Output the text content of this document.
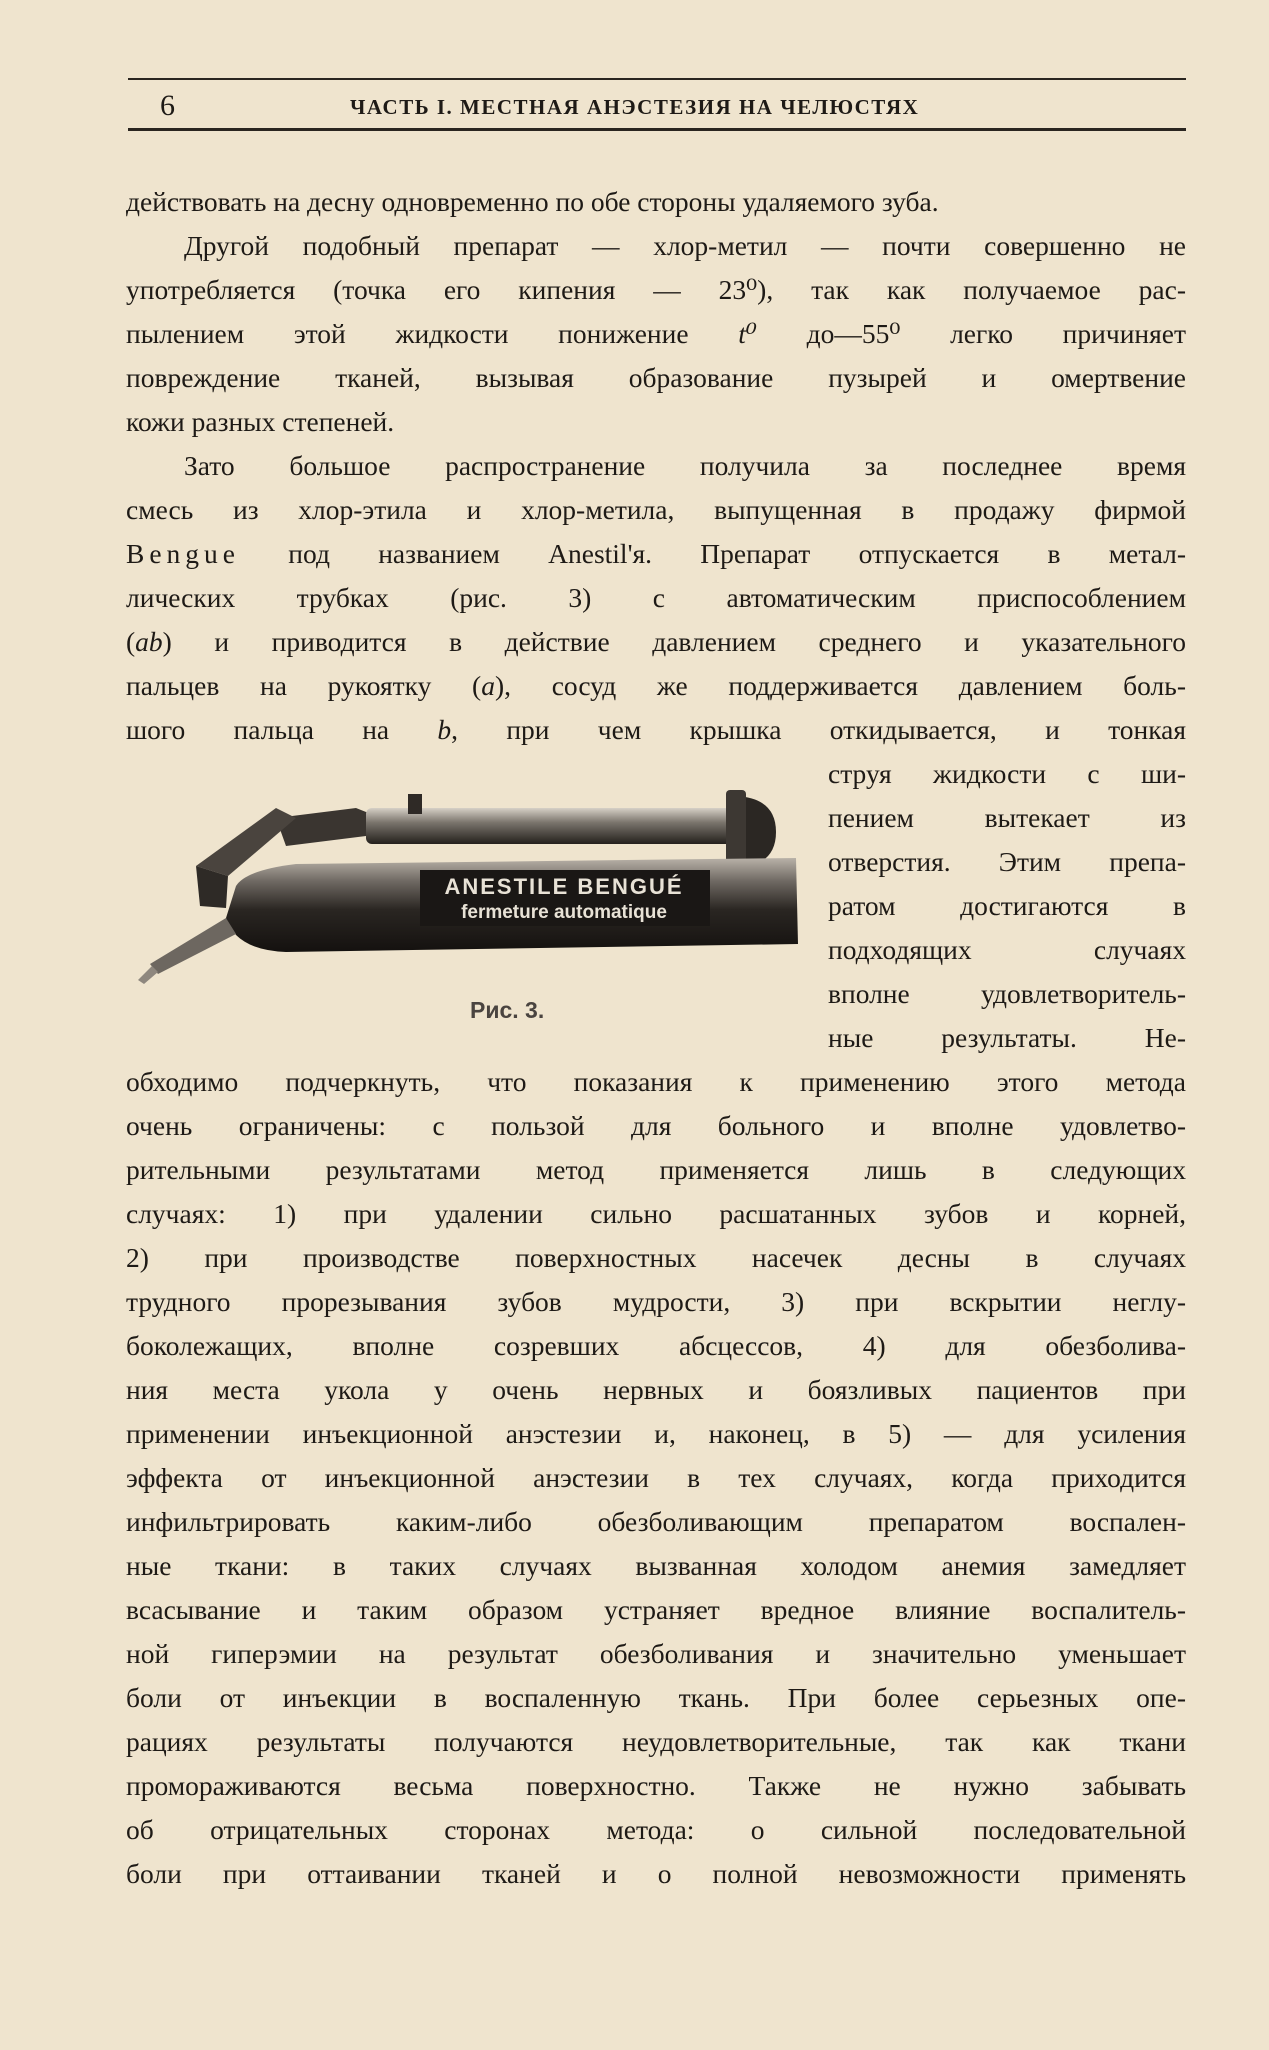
6	ЧАСТЬ I. МЕСТНАЯ АНЭСТЕЗИЯ НА ЧЕЛЮСТЯХ
действовать на десну одновременно по обе стороны удаляемого зуба.
Другой подобный препарат — хлор-метил — почти совершенно не
употребляется (точка его кипения — 23⁰), так как получаемое рас-
пылением этой жидкости понижение t⁰ до—55⁰ легко причиняет
повреждение тканей, вызывая образование пузырей и омертвение
кожи разных степеней.
Зато большое распространение получила за последнее время
смесь из хлор-этила и хлор-метила, выпущенная в продажу фирмой
Bengue под названием Anestil'я. Препарат отпускается в метал-
лических трубках (рис. 3) с автоматическим приспособлением
(ab) и приводится в действие давлением среднего и указательного
пальцев на рукоятку (a), сосуд же поддерживается давлением боль-
шого пальца на b, при чем крышка откидывается, и тонкая
струя жидкости с ши-
пением вытекает из
отверстия. Этим препа-
ратом достигаются в
подходящих случаях
вполне удовлетворитель-
ные результаты. Не-
ANESTILE BENGUÉ
fermeture automatique
Рис. 3.
обходимо подчеркнуть, что показания к применению этого метода
очень ограничены: с пользой для больного и вполне удовлетво-
рительными результатами метод применяется лишь в следующих
случаях: 1) при удалении сильно расшатанных зубов и корней,
2) при производстве поверхностных насечек десны в случаях
трудного прорезывания зубов мудрости, 3) при вскрытии неглу-
боколежащих, вполне созревших абсцессов, 4) для обезболива-
ния места укола у очень нервных и боязливых пациентов при
применении инъекционной анэстезии и, наконец, в 5) — для усиления
эффекта от инъекционной анэстезии в тех случаях, когда приходится
инфильтрировать каким-либо обезболивающим препаратом воспален-
ные ткани: в таких случаях вызванная холодом анемия замедляет
всасывание и таким образом устраняет вредное влияние воспалитель-
ной гиперэмии на результат обезболивания и значительно уменьшает
боли от инъекции в воспаленную ткань. При более серьезных опе-
рациях результаты получаются неудовлетворительные, так как ткани
промораживаются весьма поверхностно. Также не нужно забывать
об отрицательных сторонах метода: о сильной последовательной
боли при оттаивании тканей и о полной невозможности применять
